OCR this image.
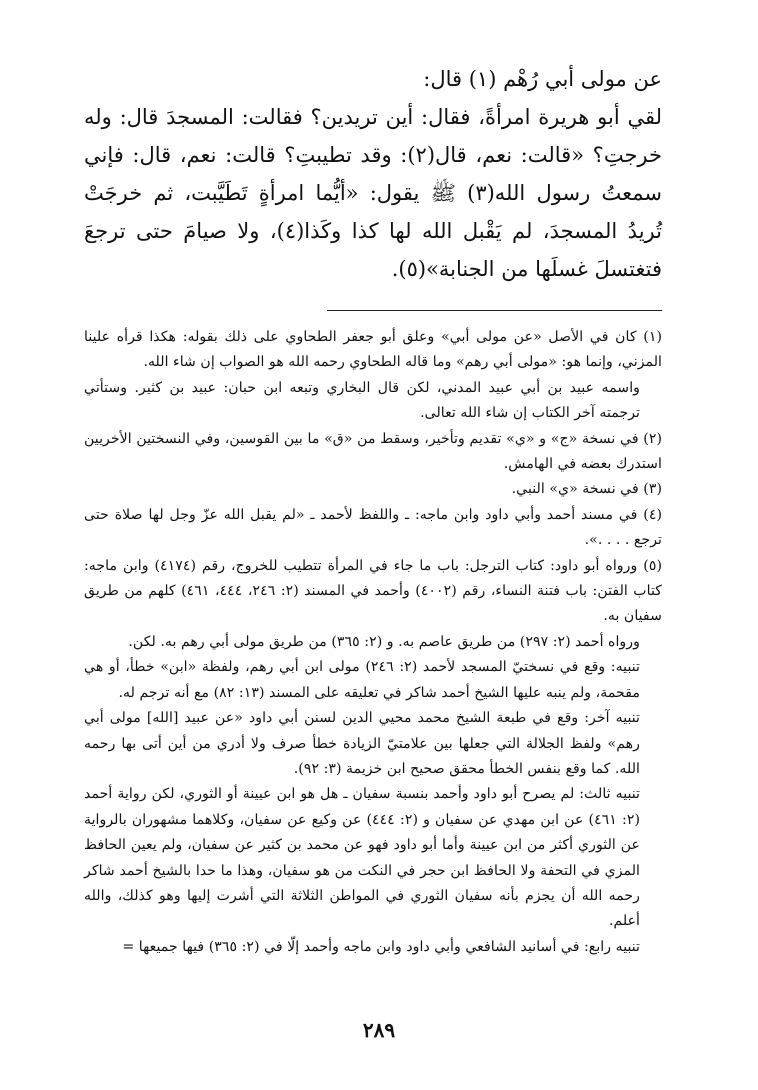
عن مولى أبي رُهْم (١) قال:

لقي أبو هريرة امرأةً، فقال: أين تريدين؟ فقالت: المسجدَ قال: وله خرجتِ؟ «قالت: نعم، قال(٢): وقد تطيبتِ؟ قالت: نعم، قال: فإني سمعتُ رسول الله(٣) ﷺ يقول: «أيُّما امرأةٍ تَطَيَّبت، ثم خرجَتْ تُريدُ المسجدَ، لم يَقْبل الله لها كذا وكَذا(٤)، ولا صيامَ حتى ترجعَ فتغتسلَ غسلَها من الجنابة»(٥).

(١) كان في الأصل «عن مولى أبي» وعلق أبو جعفر الطحاوي على ذلك بقوله: هكذا قرأه علينا المزني، وإنما هو: «مولى أبي رهم» وما قاله الطحاوي رحمه الله هو الصواب إن شاء الله.

واسمه عبيد بن أبي عبيد المدني، لكن قال البخاري وتبعه ابن حبان: عبيد بن كثير. وستأتي ترجمته آخر الكتاب إن شاء الله تعالى.

(٢) في نسخة «ج» و «ي» تقديم وتأخير، وسقط من «ق» ما بين القوسين، وفي النسختين الأخريين استدرك بعضه في الهامش.

(٣) في نسخة «ي» النبي.

(٤) في مسند أحمد وأبي داود وابن ماجه: ـ واللفظ لأحمد ـ «لم يقبل الله عزّ وجل لها صلاة حتى ترجع . . . .».

(٥) ورواه أبو داود: كتاب الترجل: باب ما جاء في المرأة تتطيب للخروج، رقم (٤١٧٤) وابن ماجه: كتاب الفتن: باب فتنة النساء، رقم (٤٠٠٢) وأحمد في المسند (٢: ٢٤٦، ٤٤٤، ٤٦١) كلهم من طريق سفيان به.

ورواه أحمد (٢: ٢٩٧) من طريق عاصم به. و (٢: ٣٦٥) من طريق مولى أبي رهم به. لكن.

تنبيه: وقع في نسختيّ المسجد لأحمد (٢: ٢٤٦) مولى ابن أبي رهم، ولفظة «ابن» خطأ، أو هي مقحمة، ولم ينبه عليها الشيخ أحمد شاكر في تعليقه على المسند (١٣: ٨٢) مع أنه ترجم له.

تنبيه آخر: وقع في طبعة الشيخ محمد محيي الدين لسنن أبي داود «عن عبيد [الله] مولى أبي رهم» ولفظ الجلالة التي جعلها بين علامتيّ الزيادة خطأ صرف ولا أدري من أين أتى بها رحمه الله. كما وقع بنفس الخطأ محقق صحيح ابن خزيمة (٣: ٩٢).

تنبيه ثالث: لم يصرح أبو داود وأحمد بنسبة سفيان ـ هل هو ابن عيينة أو الثوري، لكن رواية أحمد (٢: ٤٦١) عن ابن مهدي عن سفيان و (٢: ٤٤٤) عن وكيع عن سفيان، وكلاهما مشهوران بالرواية عن الثوري أكثر من ابن عيينة وأما أبو داود فهو عن محمد بن كثير عن سفيان، ولم يعين الحافظ المزي في التحفة ولا الحافظ ابن حجر في النكت من هو سفيان، وهذا ما حدا بالشيخ أحمد شاكر رحمه الله أن يجزم بأنه سفيان الثوري في المواطن الثلاثة التي أشرت إليها وهو كذلك، والله أعلم.

تنبيه رابع: في أسانيد الشافعي وأبي داود وابن ماجه وأحمد إلّا في (٢: ٣٦٥) فيها جميعها =

٢٨٩
